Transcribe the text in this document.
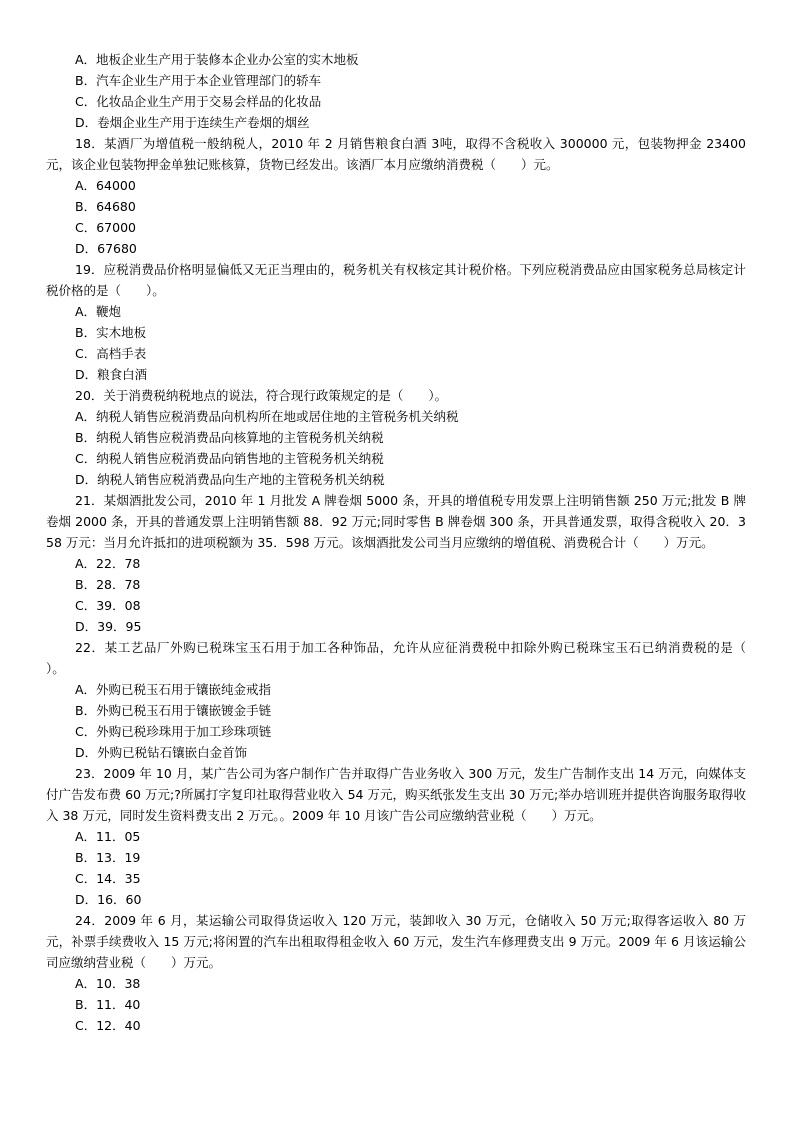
A．地板企业生产用于装修本企业办公室的实木地板
B．汽车企业生产用于本企业管理部门的轿车
C．化妆品企业生产用于交易会样品的化妆品
D．卷烟企业生产用于连续生产卷烟的烟丝
18．某酒厂为增值税一般纳税人，2010 年 2 月销售粮食白酒 3吨，取得不含税收入 300000 元，包装物押金 23400 元，该企业包装物押金单独记账核算，货物已经发出。该酒厂本月应缴纳消费税（　　）元。
A．64000
B．64680
C．67000
D．67680
19．应税消费品价格明显偏低又无正当理由的，税务机关有权核定其计税价格。下列应税消费品应由国家税务总局核定计税价格的是（　　）。
A．鞭炮
B．实木地板
C．高档手表
D．粮食白酒
20．关于消费税纳税地点的说法，符合现行政策规定的是（　　）。
A．纳税人销售应税消费品向机构所在地或居住地的主管税务机关纳税
B．纳税人销售应税消费品向核算地的主管税务机关纳税
C．纳税人销售应税消费品向销售地的主管税务机关纳税
D．纳税人销售应税消费品向生产地的主管税务机关纳税
21．某烟酒批发公司，2010 年 1 月批发 A 牌卷烟 5000 条，开具的增值税专用发票上注明销售额 250 万元;批发 B 牌卷烟 2000 条，开具的普通发票上注明销售额 88．92 万元;同时零售 B 牌卷烟 300 条，开具普通发票，取得含税收入 20．358 万元：当月允许抵扣的进项税额为 35．598 万元。该烟酒批发公司当月应缴纳的增值税、消费税合计（　　）万元。
A．22．78
B．28．78
C．39．08
D．39．95
22．某工艺品厂外购已税珠宝玉石用于加工各种饰品，允许从应征消费税中扣除外购已税珠宝玉石已纳消费税的是（　　）。
A．外购已税玉石用于镶嵌纯金戒指
B．外购已税玉石用于镶嵌镀金手链
C．外购已税珍珠用于加工珍珠项链
D．外购已税钻石镶嵌白金首饰
23．2009 年 10 月，某广告公司为客户制作广告并取得广告业务收入 300 万元，发生广告制作支出 14 万元，向媒体支付广告发布费 60 万元;?所属打字复印社取得营业收入 54 万元，购买纸张发生支出 30 万元;举办培训班并提供咨询服务取得收入 38 万元，同时发生资料费支出 2 万元。。2009 年 10 月该广告公司应缴纳营业税（　　）万元。
A．11．05
B．13．19
C．14．35
D．16．60
24．2009 年 6 月，某运输公司取得货运收入 120 万元，装卸收入 30 万元，仓储收入 50 万元;取得客运收入 80 万元，补票手续费收入 15 万元;将闲置的汽车出租取得租金收入 60 万元，发生汽车修理费支出 9 万元。2009 年 6 月该运输公司应缴纳营业税（　　）万元。
A．10．38
B．11．40
C．12．40
